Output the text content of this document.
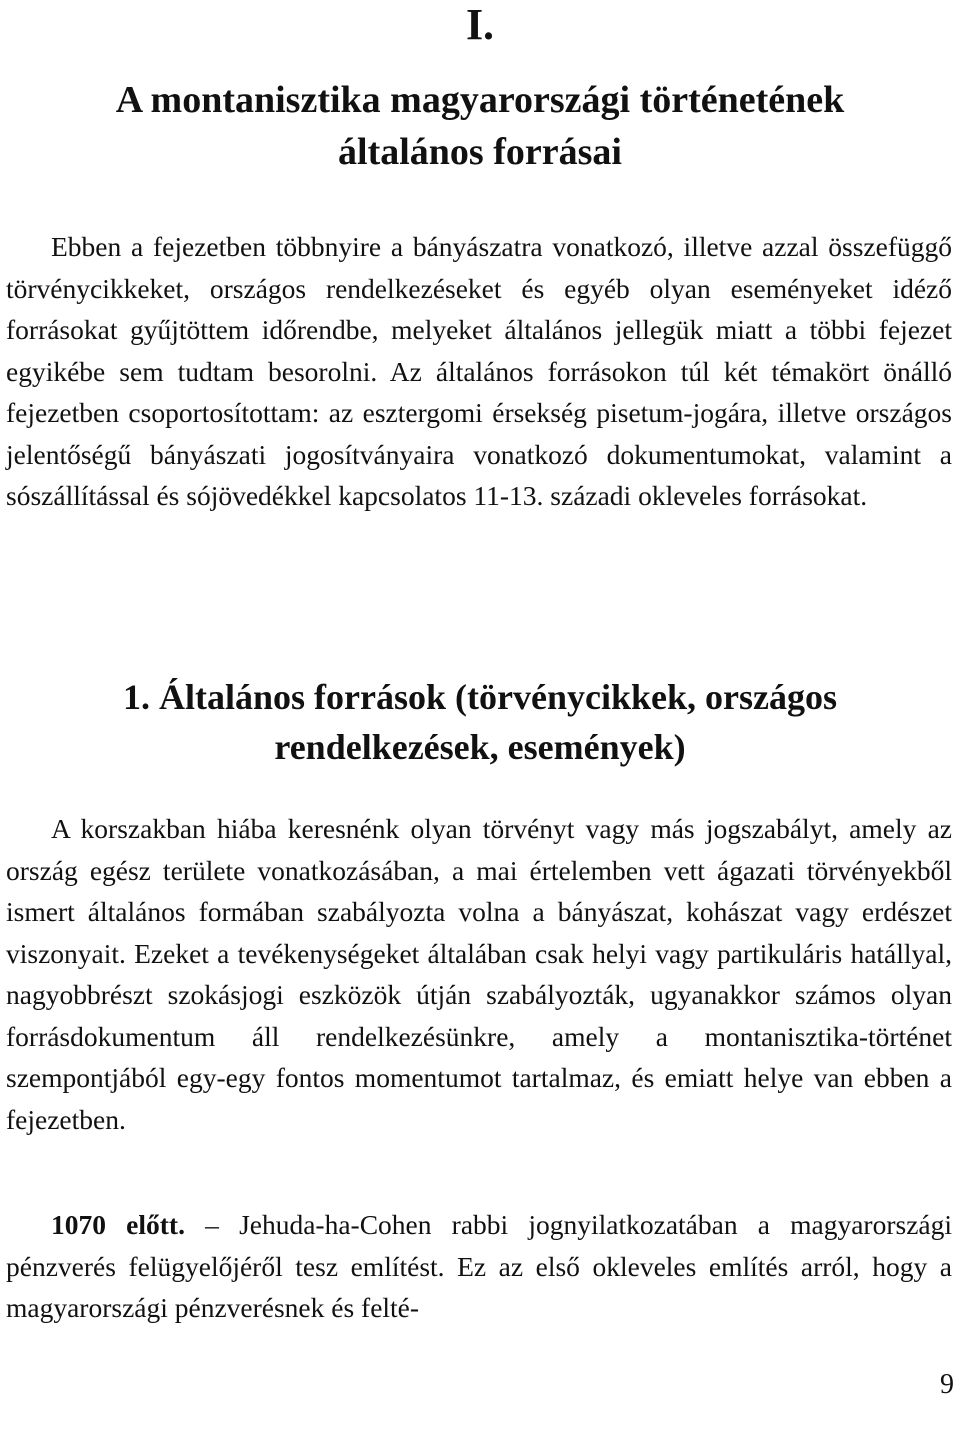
I.
A montanisztika magyarországi történetének
általános forrásai

Ebben a fejezetben többnyire a bányászatra vonatkozó, illetve azzal összefüggő törvénycikkeket, országos rendelkezéseket és egyéb olyan eseményeket idéző forrásokat gyűjtöttem időrendbe, melyeket általános jellegük miatt a többi fejezet egyikébe sem tudtam besorolni. Az általános forrásokon túl két témakört önálló fejezetben csoportosítottam: az esztergomi érsekség pisetum-jogára, illetve országos jelentőségű bányászati jogosítványaira vonatkozó dokumentumokat, valamint a sószállítással és sójövedékkel kapcsolatos 11-13. századi okleveles forrásokat.

1. Általános források (törvénycikkek, országos
rendelkezések, események)

A korszakban hiába keresnénk olyan törvényt vagy más jogszabályt, amely az ország egész területe vonatkozásában, a mai értelemben vett ágazati törvényekből ismert általános formában szabályozta volna a bányászat, kohászat vagy erdészet viszonyait. Ezeket a tevékenységeket általában csak helyi vagy partikuláris hatállyal, nagyobbrészt szokásjogi eszközök útján szabályozták, ugyanakkor számos olyan forrásdokumentum áll rendelkezésünkre, amely a montanisztika-történet szempontjából egy-egy fontos momentumot tartalmaz, és emiatt helye van ebben a fejezetben.

1070 előtt. – Jehuda-ha-Cohen rabbi jognyilatkozatában a magyarországi pénzverés felügyelőjéről tesz említést. Ez az első okleveles említés arról, hogy a magyarországi pénzverésnek és felté-

9
